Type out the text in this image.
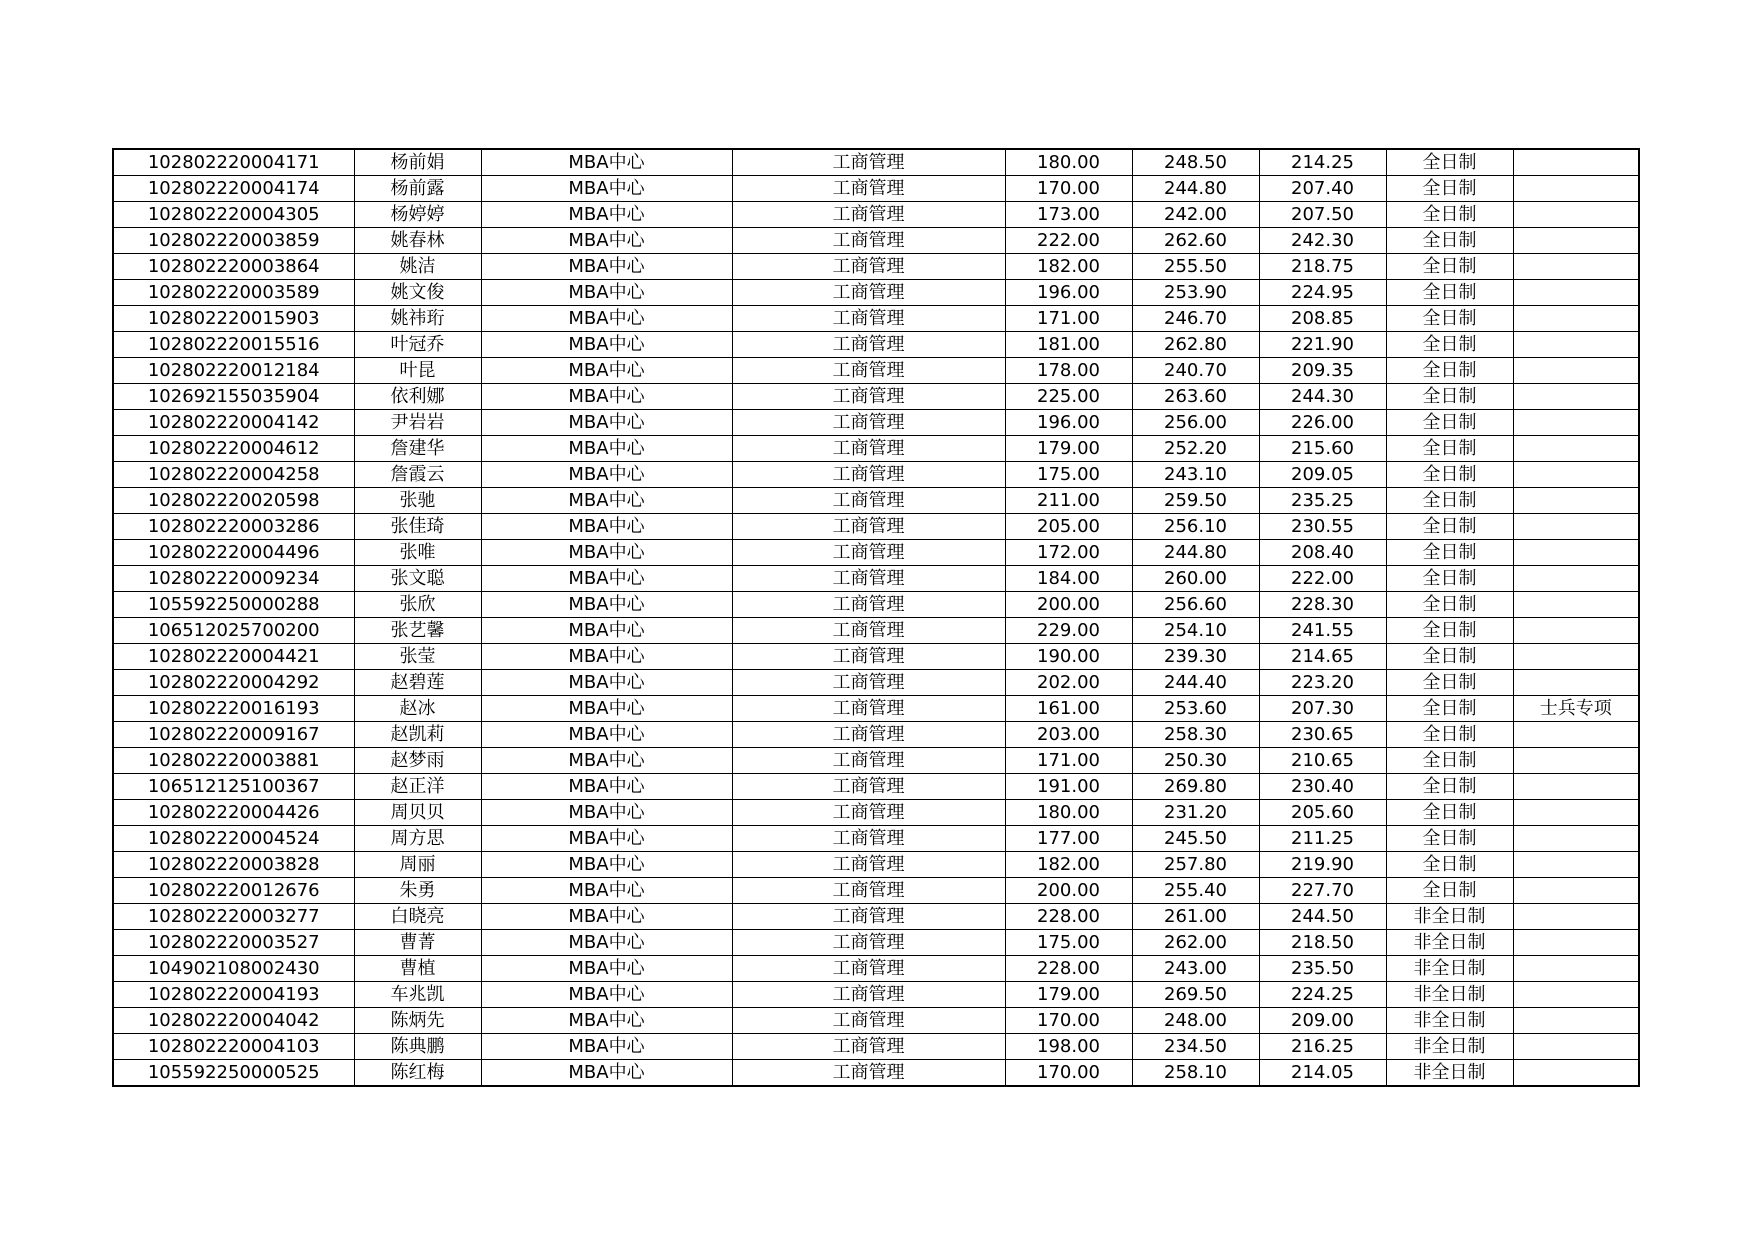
102802220004171	杨前娟	MBA中心	工商管理	180.00	248.50	214.25	全日制	
102802220004174	杨前露	MBA中心	工商管理	170.00	244.80	207.40	全日制	
102802220004305	杨婷婷	MBA中心	工商管理	173.00	242.00	207.50	全日制	
102802220003859	姚春林	MBA中心	工商管理	222.00	262.60	242.30	全日制	
102802220003864	姚洁	MBA中心	工商管理	182.00	255.50	218.75	全日制	
102802220003589	姚文俊	MBA中心	工商管理	196.00	253.90	224.95	全日制	
102802220015903	姚祎珩	MBA中心	工商管理	171.00	246.70	208.85	全日制	
102802220015516	叶冠乔	MBA中心	工商管理	181.00	262.80	221.90	全日制	
102802220012184	叶昆	MBA中心	工商管理	178.00	240.70	209.35	全日制	
102692155035904	依利娜	MBA中心	工商管理	225.00	263.60	244.30	全日制	
102802220004142	尹岩岩	MBA中心	工商管理	196.00	256.00	226.00	全日制	
102802220004612	詹建华	MBA中心	工商管理	179.00	252.20	215.60	全日制	
102802220004258	詹霞云	MBA中心	工商管理	175.00	243.10	209.05	全日制	
102802220020598	张驰	MBA中心	工商管理	211.00	259.50	235.25	全日制	
102802220003286	张佳琦	MBA中心	工商管理	205.00	256.10	230.55	全日制	
102802220004496	张唯	MBA中心	工商管理	172.00	244.80	208.40	全日制	
102802220009234	张文聪	MBA中心	工商管理	184.00	260.00	222.00	全日制	
105592250000288	张欣	MBA中心	工商管理	200.00	256.60	228.30	全日制	
106512025700200	张艺馨	MBA中心	工商管理	229.00	254.10	241.55	全日制	
102802220004421	张莹	MBA中心	工商管理	190.00	239.30	214.65	全日制	
102802220004292	赵碧莲	MBA中心	工商管理	202.00	244.40	223.20	全日制	
102802220016193	赵冰	MBA中心	工商管理	161.00	253.60	207.30	全日制	士兵专项
102802220009167	赵凯莉	MBA中心	工商管理	203.00	258.30	230.65	全日制	
102802220003881	赵梦雨	MBA中心	工商管理	171.00	250.30	210.65	全日制	
106512125100367	赵正洋	MBA中心	工商管理	191.00	269.80	230.40	全日制	
102802220004426	周贝贝	MBA中心	工商管理	180.00	231.20	205.60	全日制	
102802220004524	周方思	MBA中心	工商管理	177.00	245.50	211.25	全日制	
102802220003828	周丽	MBA中心	工商管理	182.00	257.80	219.90	全日制	
102802220012676	朱勇	MBA中心	工商管理	200.00	255.40	227.70	全日制	
102802220003277	白晓亮	MBA中心	工商管理	228.00	261.00	244.50	非全日制	
102802220003527	曹菁	MBA中心	工商管理	175.00	262.00	218.50	非全日制	
104902108002430	曹植	MBA中心	工商管理	228.00	243.00	235.50	非全日制	
102802220004193	车兆凯	MBA中心	工商管理	179.00	269.50	224.25	非全日制	
102802220004042	陈炳先	MBA中心	工商管理	170.00	248.00	209.00	非全日制	
102802220004103	陈典鹏	MBA中心	工商管理	198.00	234.50	216.25	非全日制	
105592250000525	陈红梅	MBA中心	工商管理	170.00	258.10	214.05	非全日制	
